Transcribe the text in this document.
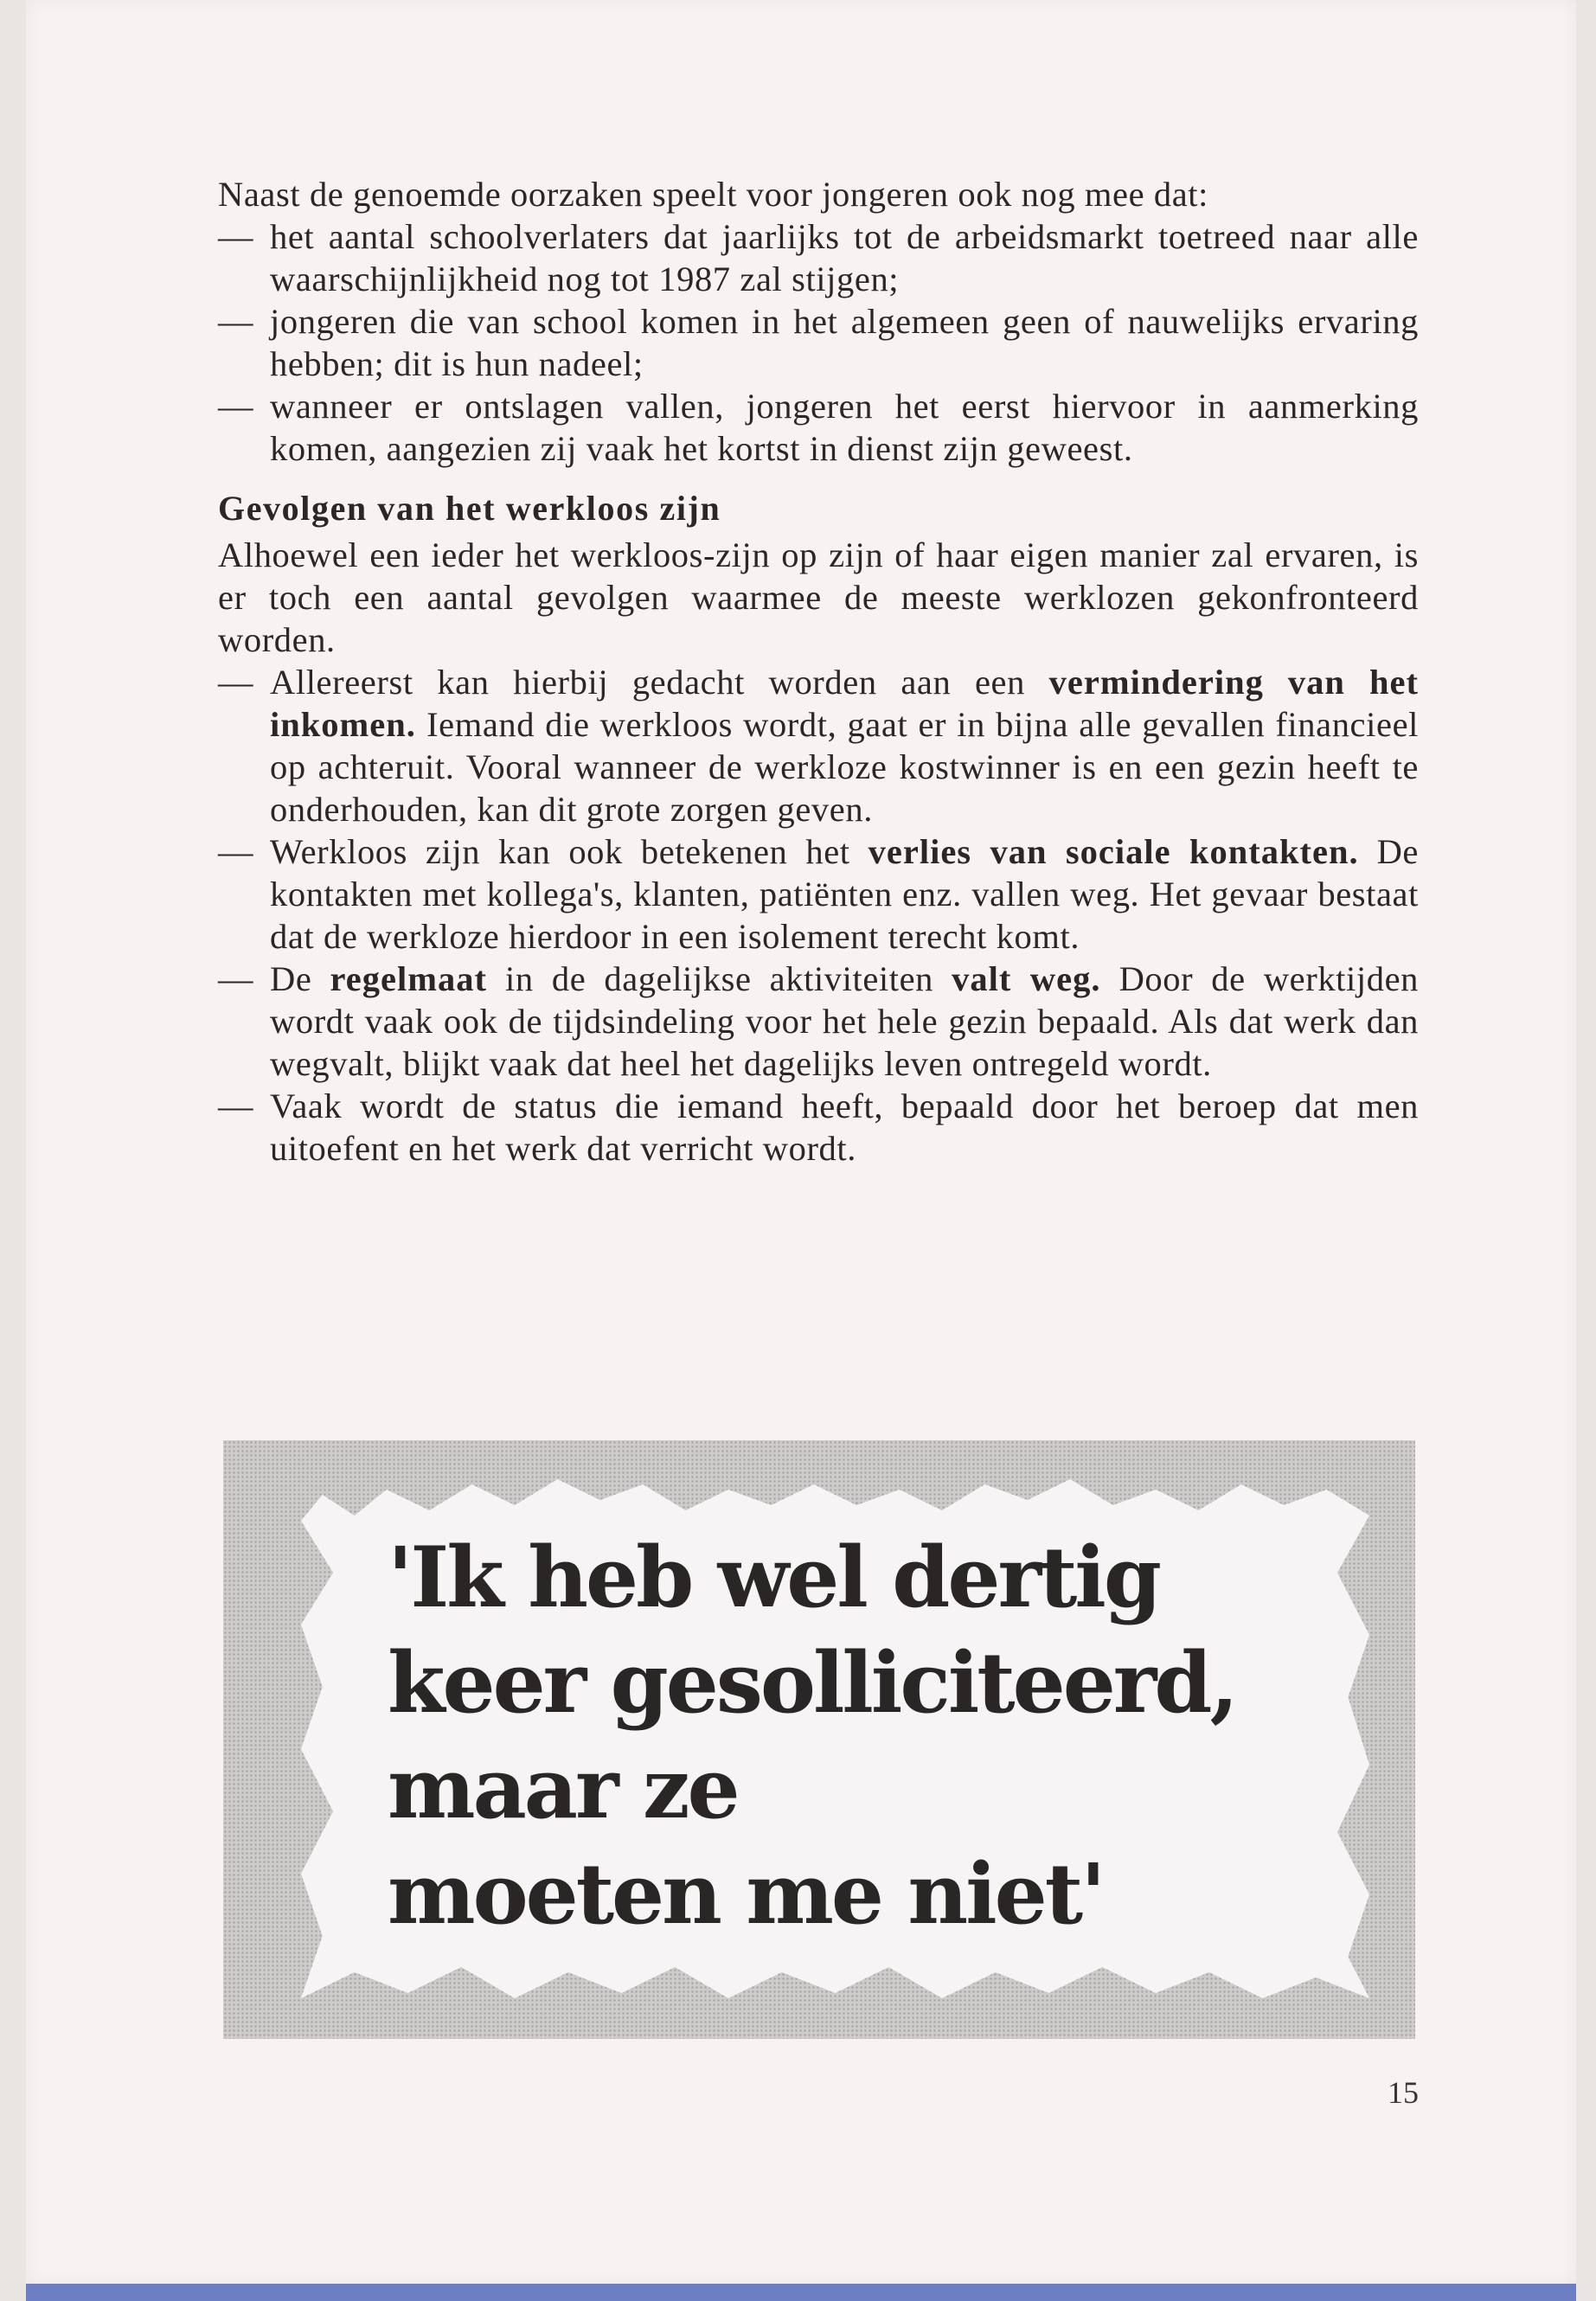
Naast de genoemde oorzaken speelt voor jongeren ook nog mee dat:

— het aantal schoolverlaters dat jaarlijks tot de arbeidsmarkt toetreed naar alle waarschijnlijkheid nog tot 1987 zal stijgen;
— jongeren die van school komen in het algemeen geen of nauwelijks ervaring hebben; dit is hun nadeel;
— wanneer er ontslagen vallen, jongeren het eerst hiervoor in aanmerking komen, aangezien zij vaak het kortst in dienst zijn geweest.
Gevolgen van het werkloos zijn

Alhoewel een ieder het werkloos-zijn op zijn of haar eigen manier zal ervaren, is er toch een aantal gevolgen waarmee de meeste werklozen gekonfronteerd worden.

— Allereerst kan hierbij gedacht worden aan een vermindering van het inkomen. Iemand die werkloos wordt, gaat er in bijna alle gevallen financieel op achteruit. Vooral wanneer de werkloze kostwinner is en een gezin heeft te onderhouden, kan dit grote zorgen geven.
— Werkloos zijn kan ook betekenen het verlies van sociale kontakten. De kontakten met kollega's, klanten, patiënten enz. vallen weg. Het gevaar bestaat dat de werkloze hierdoor in een isolement terecht komt.
— De regelmaat in de dagelijkse aktiviteiten valt weg. Door de werktijden wordt vaak ook de tijdsindeling voor het hele gezin bepaald. Als dat werk dan wegvalt, blijkt vaak dat heel het dagelijks leven ontregeld wordt.
— Vaak wordt de status die iemand heeft, bepaald door het beroep dat men uitoefent en het werk dat verricht wordt.
'Ik heb wel dertig
keer gesolliciteerd,
maar ze
moeten me niet'
15
